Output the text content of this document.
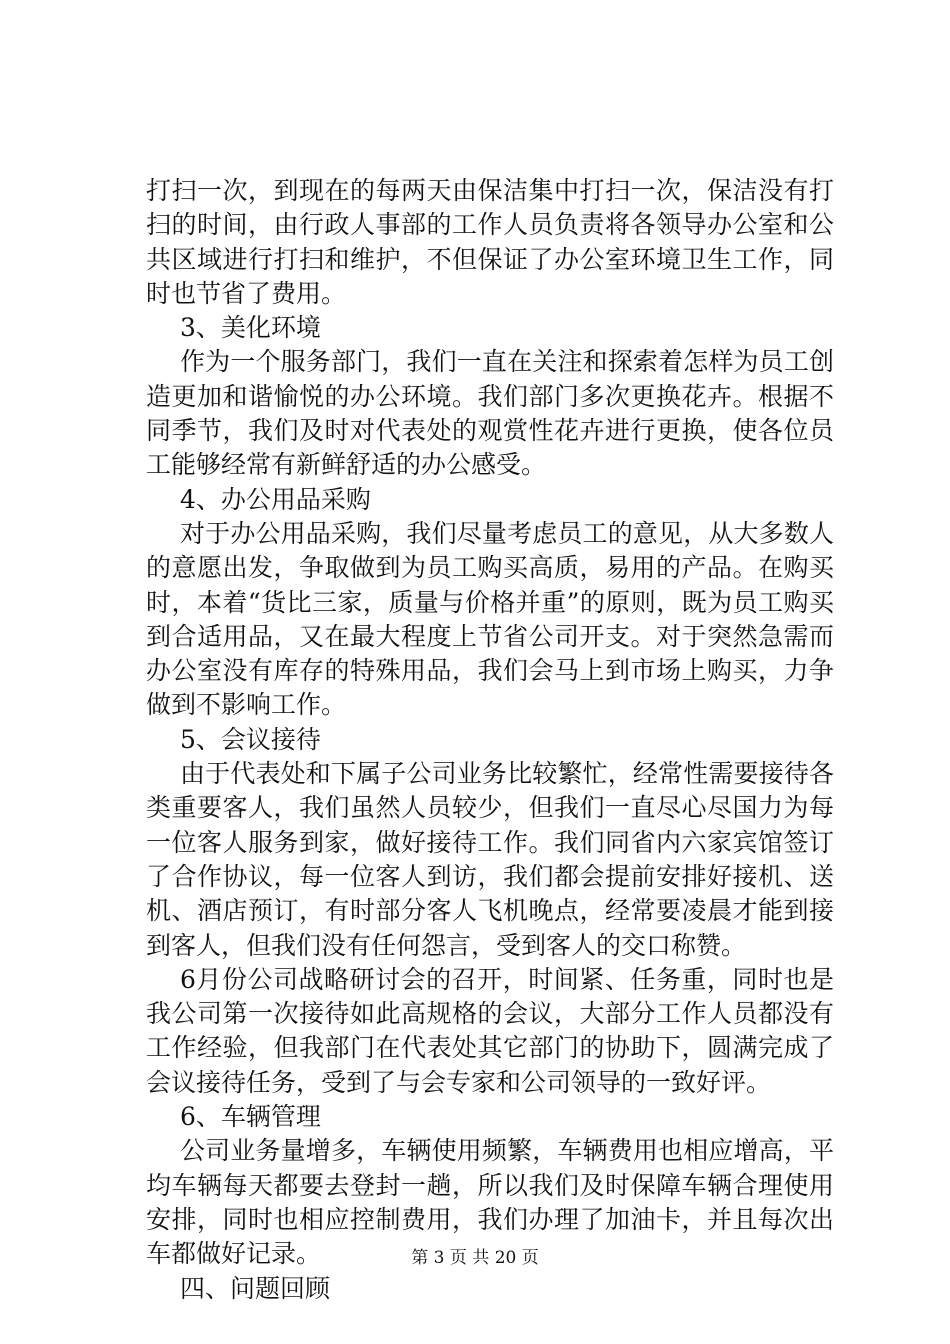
打扫一次，到现在的每两天由保洁集中打扫一次，保洁没有打扫的时间，由行政人事部的工作人员负责将各领导办公室和公共区域进行打扫和维护，不但保证了办公室环境卫生工作，同时也节省了费用。

3、美化环境

作为一个服务部门，我们一直在关注和探索着怎样为员工创造更加和谐愉悦的办公环境。我们部门多次更换花卉。根据不同季节，我们及时对代表处的观赏性花卉进行更换，使各位员工能够经常有新鲜舒适的办公感受。

4、办公用品采购

对于办公用品采购，我们尽量考虑员工的意见，从大多数人的意愿出发，争取做到为员工购买高质，易用的产品。在购买时，本着“货比三家，质量与价格并重”的原则，既为员工购买到合适用品，又在最大程度上节省公司开支。对于突然急需而办公室没有库存的特殊用品，我们会马上到市场上购买，力争做到不影响工作。

5、会议接待

由于代表处和下属子公司业务比较繁忙，经常性需要接待各类重要客人，我们虽然人员较少，但我们一直尽心尽国力为每一位客人服务到家，做好接待工作。我们同省内六家宾馆签订了合作协议，每一位客人到访，我们都会提前安排好接机、送机、酒店预订，有时部分客人飞机晚点，经常要凌晨才能到接到客人，但我们没有任何怨言，受到客人的交口称赞。

6月份公司战略研讨会的召开，时间紧、任务重，同时也是我公司第一次接待如此高规格的会议，大部分工作人员都没有工作经验，但我部门在代表处其它部门的协助下，圆满完成了会议接待任务，受到了与会专家和公司领导的一致好评。

6、车辆管理

公司业务量增多，车辆使用频繁，车辆费用也相应增高，平均车辆每天都要去登封一趟，所以我们及时保障车辆合理使用安排，同时也相应控制费用，我们办理了加油卡，并且每次出车都做好记录。

四、问题回顾

第 3 页 共 20 页
